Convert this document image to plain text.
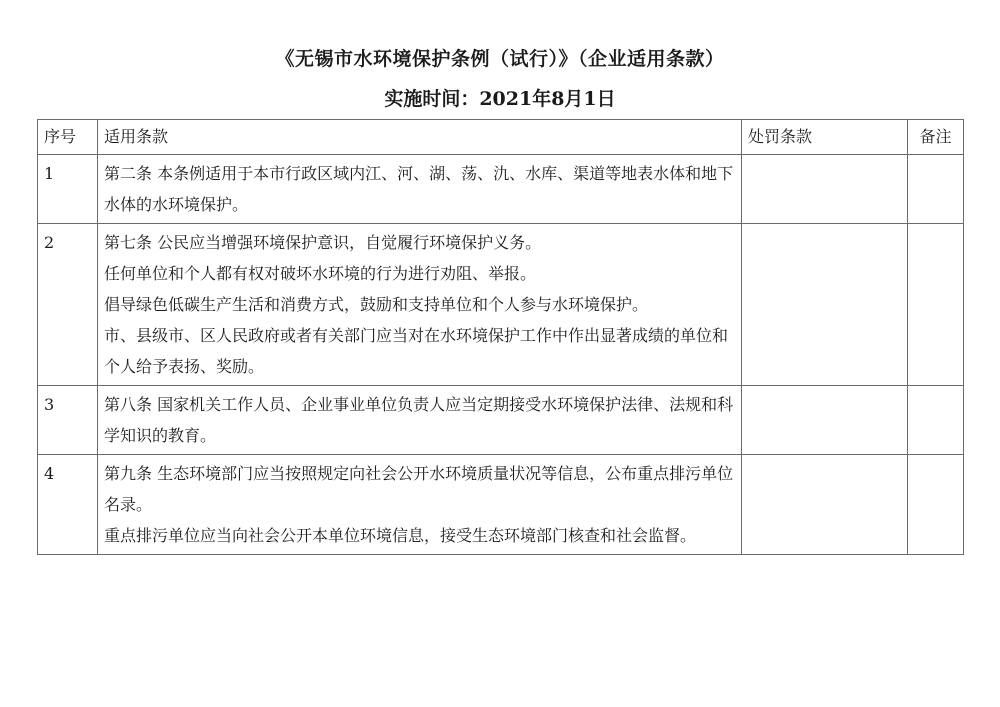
《无锡市水环境保护条例（试行）》（企业适用条款）
实施时间：2021年8月1日
序号	适用条款	处罚条款	备注
1	第二条 本条例适用于本市行政区域内江、河、湖、荡、氿、水库、渠道等地表水体和地下水体的水环境保护。		

2	第七条 公民应当增强环境保护意识，自觉履行环境保护义务。
任何单位和个人都有权对破坏水环境的行为进行劝阻、举报。
倡导绿色低碳生产生活和消费方式，鼓励和支持单位和个人参与水环境保护。
市、县级市、区人民政府或者有关部门应当对在水环境保护工作中作出显著成绩的单位和个人给予表扬、奖励。		

3	第八条 国家机关工作人员、企业事业单位负责人应当定期接受水环境保护法律、法规和科学知识的教育。		

4	第九条 生态环境部门应当按照规定向社会公开水环境质量状况等信息，公布重点排污单位名录。
重点排污单位应当向社会公开本单位环境信息，接受生态环境部门核查和社会监督。		
